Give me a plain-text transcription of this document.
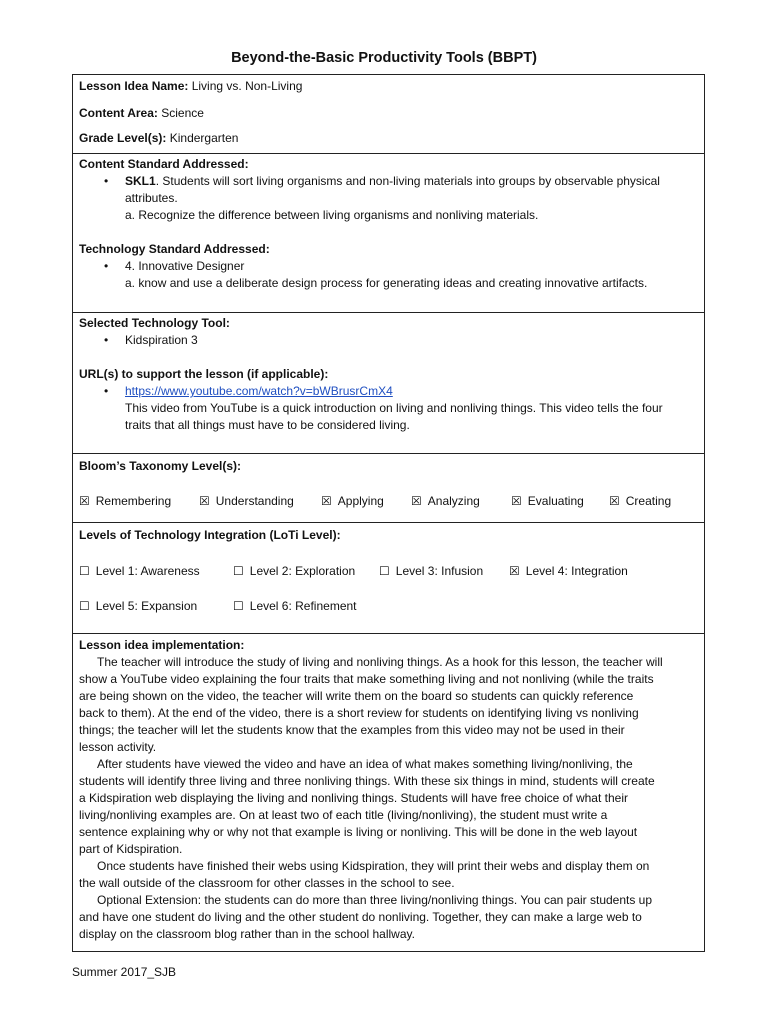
Beyond-the-Basic Productivity Tools (BBPT)
Lesson Idea Name: Living vs. Non-Living
Content Area: Science
Grade Level(s): Kindergarten
Content Standard Addressed:
• SKL1. Students will sort living organisms and non-living materials into groups by observable physical
attributes.
a. Recognize the difference between living organisms and nonliving materials.
Technology Standard Addressed:
• 4. Innovative Designer
a. know and use a deliberate design process for generating ideas and creating innovative artifacts.
Selected Technology Tool:
• Kidspiration 3
URL(s) to support the lesson (if applicable):
• https://www.youtube.com/watch?v=bWBrusrCmX4
This video from YouTube is a quick introduction on living and nonliving things. This video tells the four
traits that all things must have to be considered living.
Bloom’s Taxonomy Level(s):
☒ Remembering ☒ Understanding ☒ Applying ☒ Analyzing	☒ Evaluating ☒ Creating
Levels of Technology Integration (LoTi Level):
☐ Level 1: Awareness	☐ Level 2: Exploration ☐ Level 3: Infusion ☒ Level 4: Integration
☐ Level 5: Expansion	☐ Level 6: Refinement
Lesson idea implementation:
The teacher will introduce the study of living and nonliving things. As a hook for this lesson, the teacher will
show a YouTube video explaining the four traits that make something living and not nonliving (while the traits
are being shown on the video, the teacher will write them on the board so students can quickly reference
back to them). At the end of the video, there is a short review for students on identifying living vs nonliving
things; the teacher will let the students know that the examples from this video may not be used in their
lesson activity.
After students have viewed the video and have an idea of what makes something living/nonliving, the
students will identify three living and three nonliving things. With these six things in mind, students will create
a Kidspiration web displaying the living and nonliving things. Students will have free choice of what their
living/nonliving examples are. On at least two of each title (living/nonliving), the student must write a
sentence explaining why or why not that example is living or nonliving. This will be done in the web layout
part of Kidspiration.
Once students have finished their webs using Kidspiration, they will print their webs and display them on
the wall outside of the classroom for other classes in the school to see.
Optional Extension: the students can do more than three living/nonliving things. You can pair students up
and have one student do living and the other student do nonliving. Together, they can make a large web to
display on the classroom blog rather than in the school hallway.
Summer 2017_SJB
